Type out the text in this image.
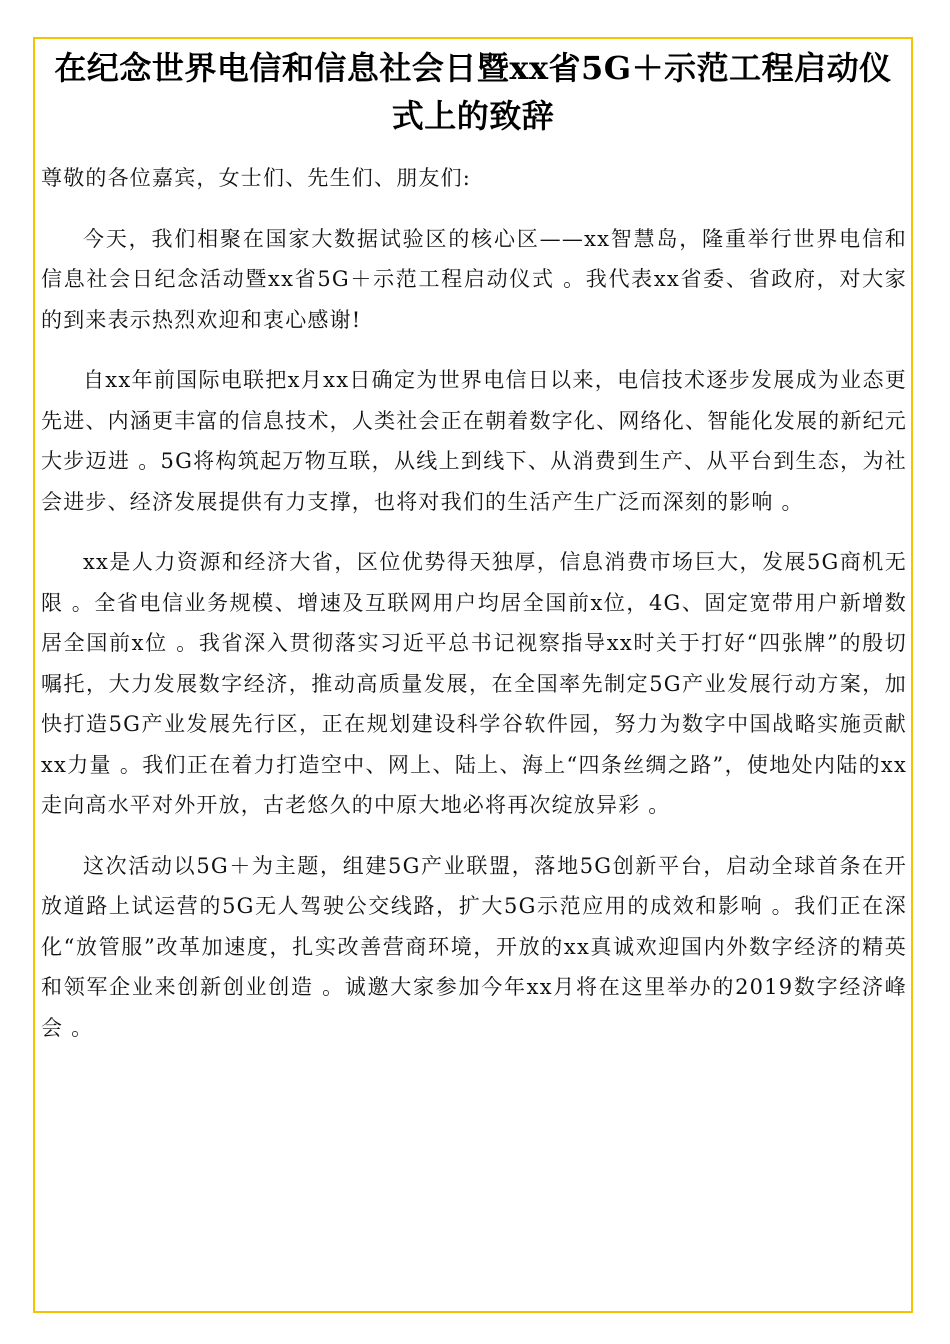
在纪念世界电信和信息社会日暨xx省5G＋示范工程启动仪式上的致辞

尊敬的各位嘉宾，女士们、先生们、朋友们:

今天，我们相聚在国家大数据试验区的核心区——xx智慧岛，隆重举行世界电信和信息社会日纪念活动暨xx省5G＋示范工程启动仪式 。我代表xx省委、省政府，对大家的到来表示热烈欢迎和衷心感谢!

自xx年前国际电联把x月xx日确定为世界电信日以来，电信技术逐步发展成为业态更先进、内涵更丰富的信息技术，人类社会正在朝着数字化、网络化、智能化发展的新纪元大步迈进 。5G将构筑起万物互联，从线上到线下、从消费到生产、从平台到生态，为社会进步、经济发展提供有力支撑，也将对我们的生活产生广泛而深刻的影响 。

xx是人力资源和经济大省，区位优势得天独厚，信息消费市场巨大，发展5G商机无限 。全省电信业务规模、增速及互联网用户均居全国前x位，4G、固定宽带用户新增数居全国前x位 。我省深入贯彻落实习近平总书记视察指导xx时关于打好“四张牌”的殷切嘱托，大力发展数字经济，推动高质量发展，在全国率先制定5G产业发展行动方案，加快打造5G产业发展先行区，正在规划建设科学谷软件园，努力为数字中国战略实施贡献xx力量 。我们正在着力打造空中、网上、陆上、海上“四条丝绸之路”，使地处内陆的xx走向高水平对外开放，古老悠久的中原大地必将再次绽放异彩 。

这次活动以5G＋为主题，组建5G产业联盟，落地5G创新平台，启动全球首条在开放道路上试运营的5G无人驾驶公交线路，扩大5G示范应用的成效和影响 。我们正在深化“放管服”改革加速度，扎实改善营商环境，开放的xx真诚欢迎国内外数字经济的精英和领军企业来创新创业创造 。诚邀大家参加今年xx月将在这里举办的2019数字经济峰会 。
